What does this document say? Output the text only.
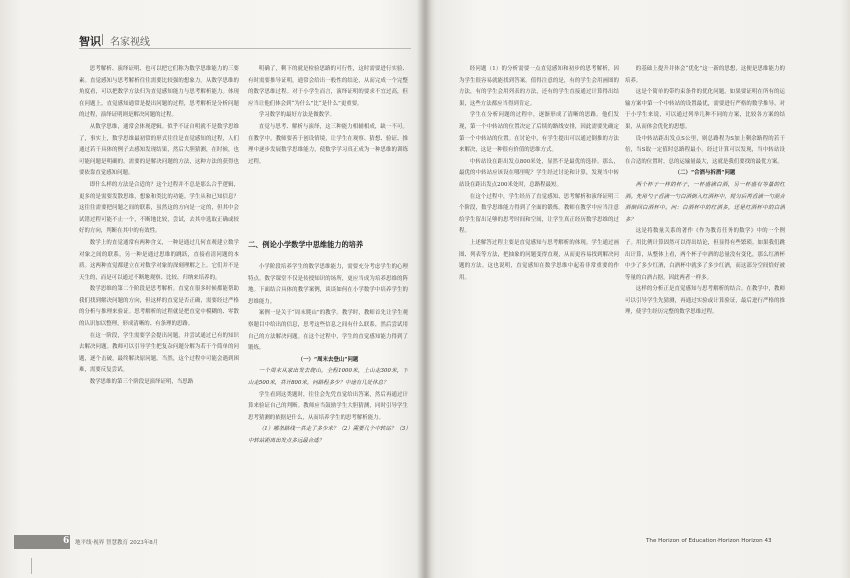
智识 名家视线

思考解析、演绎证明、也可以把它们称为数学思维能力的三要素。直觉感知与思考解析往往需要比较强的想象力。从数学思维的角度看，可以把数学方法归为直觉感知能力与思考解析能力。体现在问题上，直觉感知通常是提出问题的过程，思考解析是分析问题的过程，演绎证明则是解决问题的过程。

从数学思维，通常会体现逻辑。似乎不证自明就不是数学思维了，事实上，数学思维最初常的形式往往是直觉感知的过程，人们通过若干具体的例子去感知发现结果，然后大胆猜测，在时候，也可能问题是明确的，需要的是解决问题的方法，这种方法的获得也要依靠直觉感知问题。

即什么样的方法是合适的？这个过程并不总是那么合乎逻辑，更多的是需要发散思维，想象和类比的功能。学生从和已知信息？这往往需要把问题之间的联系，虽然这的方向是一定的，但其中会试错过程可能不止一个，不断地比较，尝试，去其中选取正确或较好的方向，判断在其中的有效性。

数学上的直觉通常有两种含义，一种是通过几何直观建立数学对象之间的联系，另一种是通过思维的跳跃，直接看清问题的本质。这两种直觉都建立在对数学对象的深刻理解之上。它们并不是天生的，而是可以通过不断地观察、比较、归纳来培养的。

数学思维的第二个阶段是思考解析。直觉在很多时候都能帮助我们找到解决问题的方向，但这样的直觉是否正确，需要经过严格的分析与推理来验证。思考解析的过程就是把直觉中模糊的、零散的认识加以整理，形成清晰的、有条理的思路。

在这一阶段，学生需要学会提出问题，并尝试通过已有的知识去解决问题。教师可以引导学生把复杂问题分解为若干个简单的问题，逐个击破，最终解决原问题。当然，这个过程中可能会遇到困难，需要反复尝试。

数学思维的第三个阶段是演绎证明，当思路

明确了，剩下的就是检验思路的可行性，这时需要进行实验、有时需要推导证明，通常会给出一般性的结论，从而完成一个完整的数学思维过程。对于小学生而言，演绎证明的要求不宜过高，但应当让他们体会到“为什么”比“是什么”更重要。

学习数学的最好方法是做数学。

直觉与思考、解析与演绎，这三种能力相辅相成，缺一不可。在教学中，教师要善于创设情境，让学生在观察、猜想、验证、推理中逐步发展数学思维能力，使数学学习真正成为一种思维的训练过程。

二、例论小学数学中思维能力的培养

小学阶段培养学生的数学思维能力，需要充分考虑学生的心理特点。数学课堂不仅是传授知识的场所，更应当成为培养思维的阵地。下面结合具体的教学案例，谈谈如何在小学数学中培养学生的思维能力。

案例一是关于“周末爬山”的教学。教学时，教师首先让学生观察题目中给出的信息，思考这些信息之间有什么联系，然后尝试用自己的方法解决问题。在这个过程中，学生的直觉感知能力得到了锻炼。

（一）“周末去登山”问题

一个周末从家出发去爬山，全程1000米，上山走300米，下山走500米，共计800米，问路程多少？中途有几处休息？

学生看到这类题时，往往会先凭直觉给出答案，然后再通过计算来验证自己的判断。教师应当鼓励学生大胆猜测，同时引导学生思考猜测的依据是什么，从而培养学生的思考解析能力。

（1）哪条路线一共走了多少米？（2）需要几个中转站？（3）中转站距离出发点多远最合适？

经问题（1）的分析需要一点直觉感知和初步的思考解析，因为学生很容易就能找到答案。值得注意的是，有的学生会用画图的方法，有的学生会用列表的方法，还有的学生直接通过计算得出结果，这些方法都应当得到肯定。

学生在分析问题的过程中，逐渐形成了清晰的思路。他们发现，第一个中转站的位置决定了后续的路线安排，因此需要先确定第一个中转站的位置。在讨论中，有学生提出可以通过倒推的方法来解决，这是一种很有价值的思维方式。

中转站设在距出发点800米处，显然不是最优的选择。那么，最优的中转站应该设在哪里呢？学生经过讨论和计算，发现当中转站设在距出发点200米处时，总路程最短。

在这个过程中，学生经历了直觉感知、思考解析和演绎证明三个阶段，数学思维能力得到了全面的锻炼。教师在教学中应当注意给学生留出足够的思考时间和空间，让学生真正经历数学思维的过程。

上述解答过程主要是直觉感知与思考解析的体现。学生通过画图、列表等方法，把抽象的问题变得直观，从而更容易找到解决问题的方法。这也说明，直觉感知在数学思维中起着非常重要的作用。

的基础上提升并体会“优化”这一新的思想，这便是思维能力的培养。

这是个简单的带约束条件的优化问题。如果要证明在所有的运输方案中第一个中转站的设置最优，需要进行严格的数学推导。对于小学生来说，可以通过列举几种不同的方案，比较各方案的结果，从而体会优化的思想。

设中转站距出发点S公里，则总路程为S加上剩余路程的若干倍，当S取一定值时总路程最小。经过计算可以发现，当中转站设在合适的位置时，总的运输量最大，这就是我们要找的最优方案。

（二）“合酒与拆酒”问题

两个杯子一样的杯子，一杯盛满白酒，另一杯盛有等量的红酒。先用勺子舀满一勺白酒倒入红酒杯中，搅匀后再舀满一勺混合酒倒回白酒杯中。问：白酒杯中的红酒多，还是红酒杯中的白酒多？

这是将数量关系的著作《作为教育任务的数学》中的一个例子。用比例计算固然可以得出结论，但显得有些繁琐。如果我们跳出计算，从整体上看，两个杯子中酒的总量没有变化，那么红酒杯中少了多少红酒，白酒杯中就多了多少红酒，而这部分空间恰好被等量的白酒占据，因此两者一样多。

这样的分析正是直觉感知与思考解析的结合。在教学中，教师可以引导学生先猜测，再通过实验或计算验证，最后进行严格的推理，使学生经历完整的数学思维过程。

6 地平线·视界 智慧教育 2023年8月	The Horizon of Education·Horizon Horizon 43
